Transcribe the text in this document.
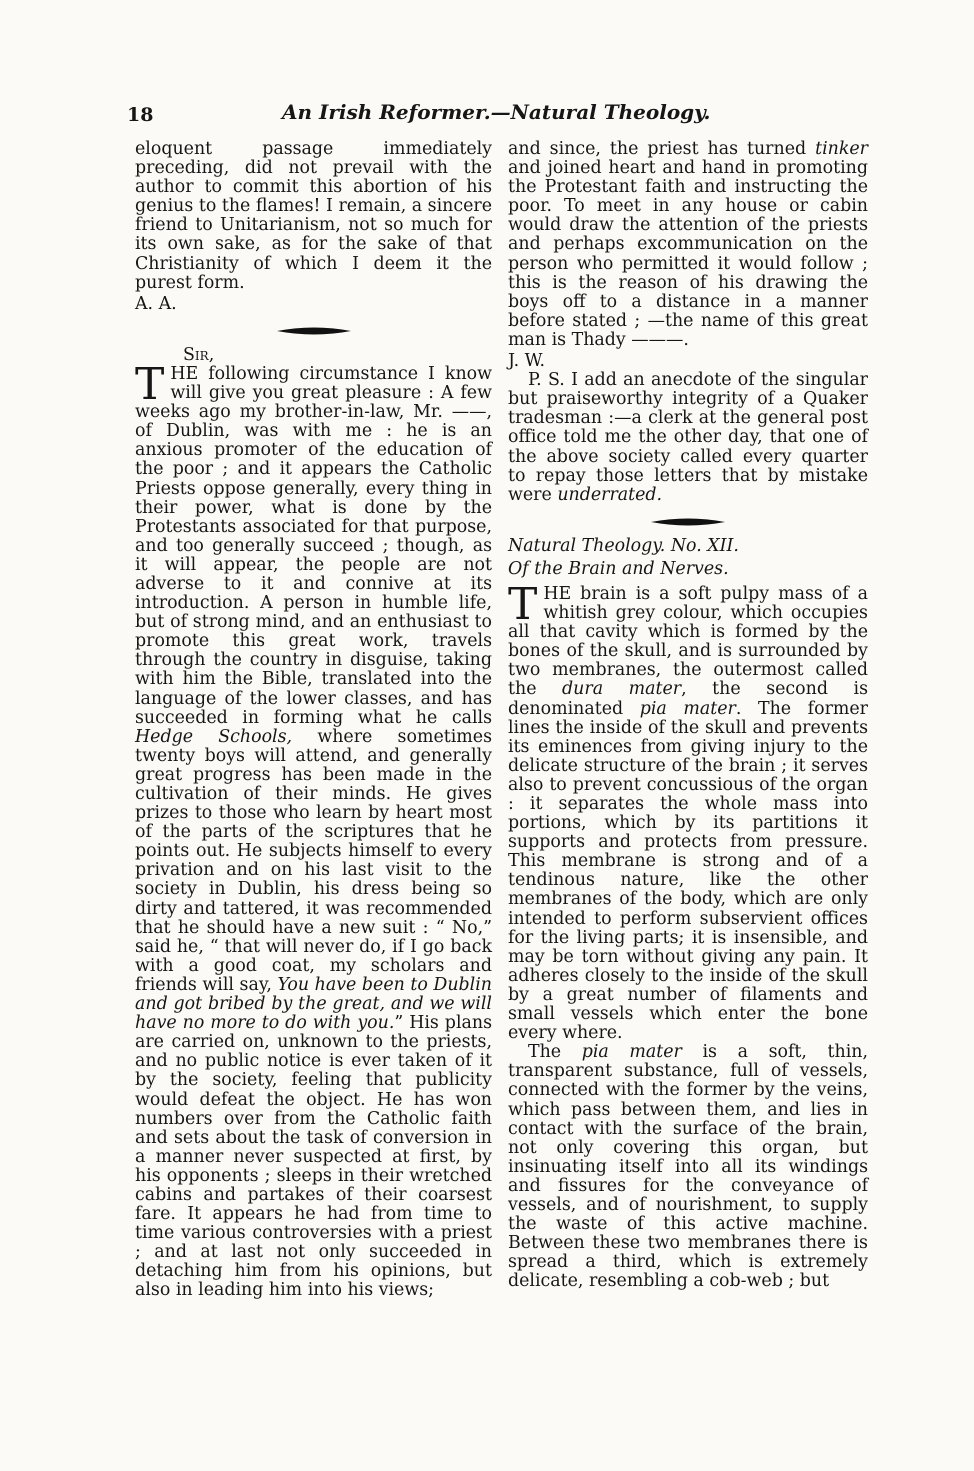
18	An Irish Reformer.—Natural Theology.

eloquent passage immediately preceding, did not prevail with the author to commit this abortion of his genius to the flames! I remain, a sincere friend to Unitarianism, not so much for its own sake, as for the sake of that Christianity of which I deem it the purest form.

A. A.

Sir,

THE following circumstance I know will give you great pleasure : A few weeks ago my brother-in-law, Mr. ——, of Dublin, was with me : he is an anxious promoter of the education of the poor ; and it appears the Catholic Priests oppose generally, every thing in their power, what is done by the Protestants associated for that purpose, and too generally succeed ; though, as it will appear, the people are not adverse to it and connive at its introduction. A person in humble life, but of strong mind, and an enthusiast to promote this great work, travels through the country in disguise, taking with him the Bible, translated into the language of the lower classes, and has succeeded in forming what he calls Hedge Schools, where sometimes twenty boys will attend, and generally great progress has been made in the cultivation of their minds. He gives prizes to those who learn by heart most of the parts of the scriptures that he points out. He subjects himself to every privation and on his last visit to the society in Dublin, his dress being so dirty and tattered, it was recommended that he should have a new suit : “ No,” said he, “ that will never do, if I go back with a good coat, my scholars and friends will say, You have been to Dublin and got bribed by the great, and we will have no more to do with you.” His plans are carried on, unknown to the priests, and no public notice is ever taken of it by the society, feeling that publicity would defeat the object. He has won numbers over from the Catholic faith and sets about the task of conversion in a manner never suspected at first, by his opponents ; sleeps in their wretched cabins and partakes of their coarsest fare. It appears he had from time to time various controversies with a priest ; and at last not only succeeded in detaching him from his opinions, but also in leading him into his views;

and since, the priest has turned tinker and joined heart and hand in promoting the Protestant faith and instructing the poor. To meet in any house or cabin would draw the attention of the priests and perhaps excommunication on the person who permitted it would follow ; this is the reason of his drawing the boys off to a distance in a manner before stated ; —the name of this great man is Thady ———.

J. W.

P. S. I add an anecdote of the singular but praiseworthy integrity of a Quaker tradesman :—a clerk at the general post office told me the other day, that one of the above society called every quarter to repay those letters that by mistake were underrated.

Natural Theology. No. XII.

Of the Brain and Nerves.

THE brain is a soft pulpy mass of a whitish grey colour, which occupies all that cavity which is formed by the bones of the skull, and is surrounded by two membranes, the outermost called the dura mater, the second is denominated pia mater. The former lines the inside of the skull and prevents its eminences from giving injury to the delicate structure of the brain ; it serves also to prevent concussious of the organ : it separates the whole mass into portions, which by its partitions it supports and protects from pressure. This membrane is strong and of a tendinous nature, like the other membranes of the body, which are only intended to perform subservient offices for the living parts; it is insensible, and may be torn without giving any pain. It adheres closely to the inside of the skull by a great number of filaments and small vessels which enter the bone every where.

The pia mater is a soft, thin, transparent substance, full of vessels, connected with the former by the veins, which pass between them, and lies in contact with the surface of the brain, not only covering this organ, but insinuating itself into all its windings and fissures for the conveyance of vessels, and of nourishment, to supply the waste of this active machine. Between these two membranes there is spread a third, which is extremely delicate, resembling a cob-web ; but
